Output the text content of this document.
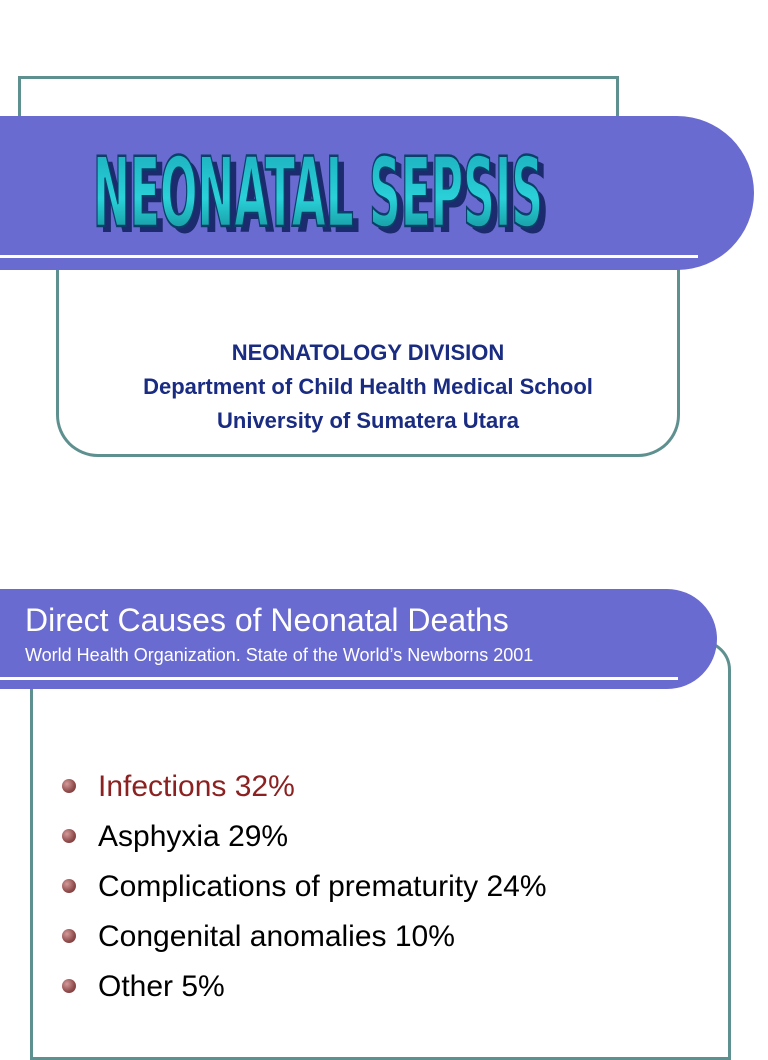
NEONATAL SEPSIS
NEONATAL SEPSIS
NEONATOLOGY DIVISION
Department of Child Health Medical School
University of Sumatera Utara
Direct Causes of Neonatal Deaths
World Health Organization. State of the World’s Newborns 2001
Infections 32%
Asphyxia 29%
Complications of prematurity 24%
Congenital anomalies 10%
Other 5%
